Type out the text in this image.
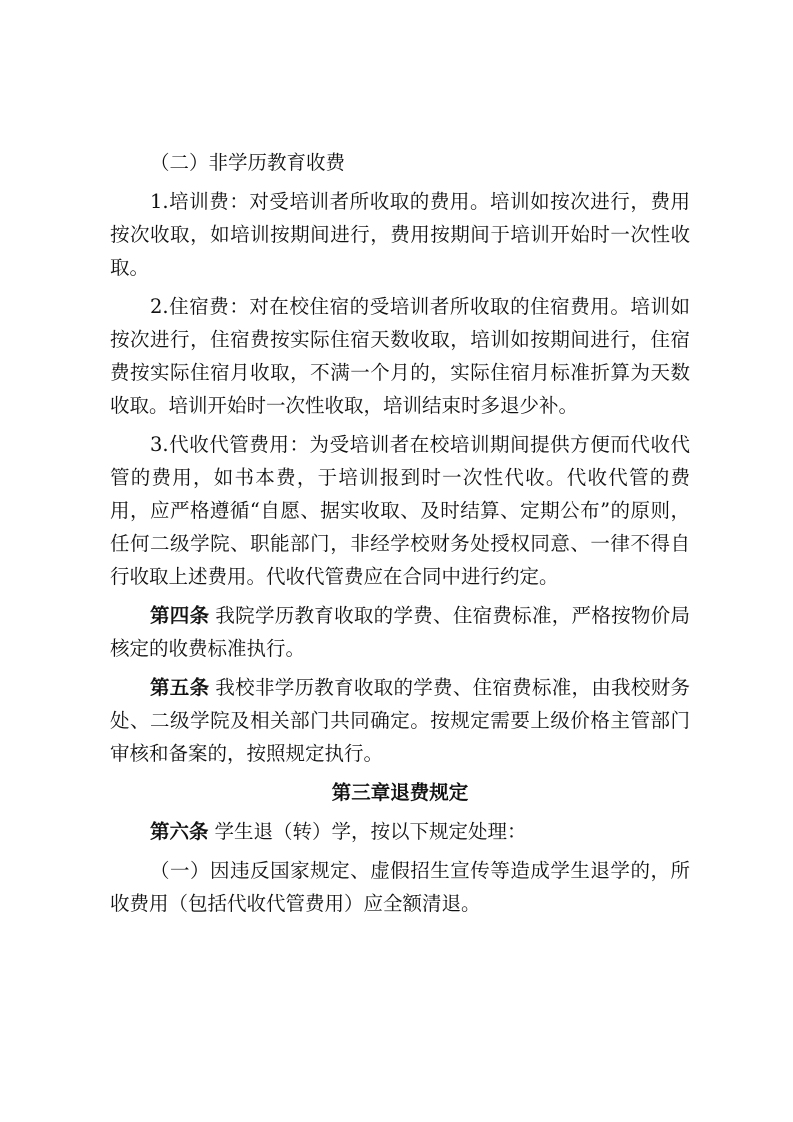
（二）非学历教育收费

1.培训费：对受培训者所收取的费用。培训如按次进行，费用按次收取，如培训按期间进行，费用按期间于培训开始时一次性收取。

2.住宿费：对在校住宿的受培训者所收取的住宿费用。培训如按次进行，住宿费按实际住宿天数收取，培训如按期间进行，住宿费按实际住宿月收取，不满一个月的，实际住宿月标准折算为天数收取。培训开始时一次性收取，培训结束时多退少补。

3.代收代管费用：为受培训者在校培训期间提供方便而代收代管的费用，如书本费，于培训报到时一次性代收。代收代管的费用，应严格遵循“自愿、据实收取、及时结算、定期公布”的原则，任何二级学院、职能部门，非经学校财务处授权同意、一律不得自行收取上述费用。代收代管费应在合同中进行约定。

第四条 我院学历教育收取的学费、住宿费标准，严格按物价局核定的收费标准执行。

第五条 我校非学历教育收取的学费、住宿费标准，由我校财务处、二级学院及相关部门共同确定。按规定需要上级价格主管部门审核和备案的，按照规定执行。

第三章退费规定

第六条 学生退（转）学，按以下规定处理：

（一）因违反国家规定、虚假招生宣传等造成学生退学的，所收费用（包括代收代管费用）应全额清退。
